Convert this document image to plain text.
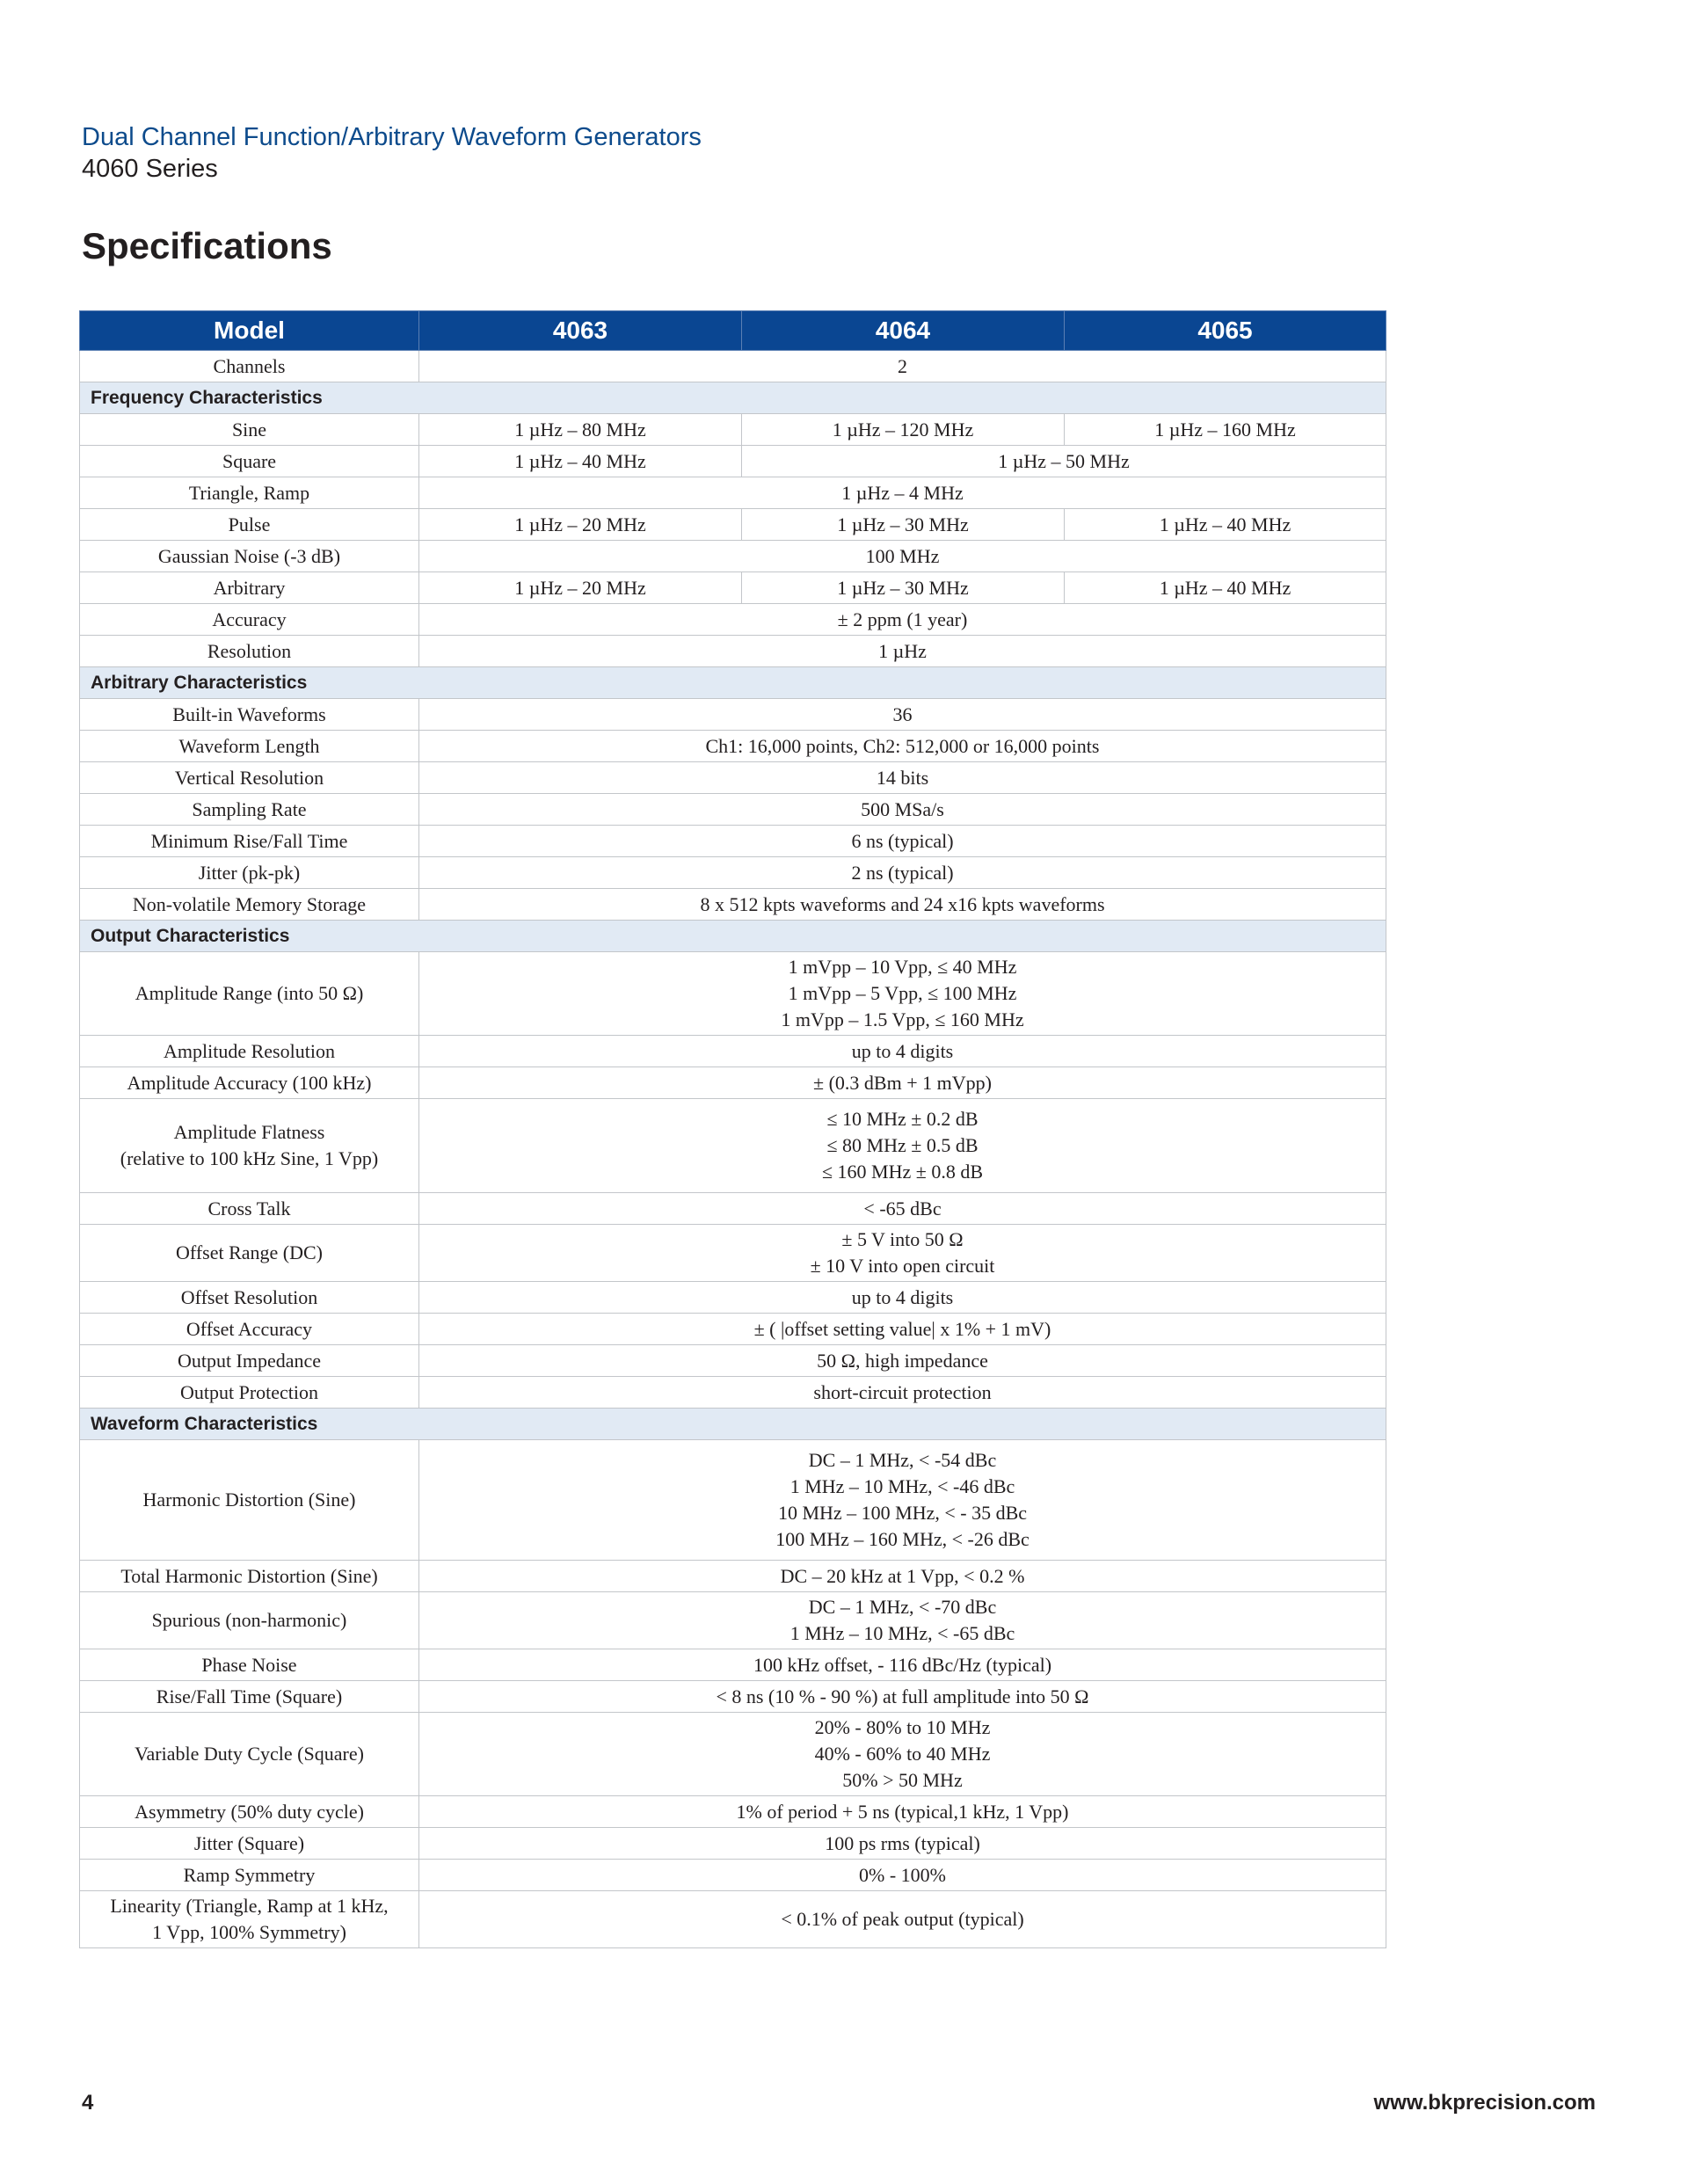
Dual Channel Function/Arbitrary Waveform Generators
4060 Series
Specifications
Model	4063	4064	4065
Channels	2		
Frequency Characteristics			
Sine	1 µHz – 80 MHz	1 µHz – 120 MHz	1 µHz – 160 MHz
Square	1 µHz – 40 MHz	1 µHz – 50 MHz	
Triangle, Ramp	1 µHz – 4 MHz		
Pulse	1 µHz – 20 MHz	1 µHz – 30 MHz	1 µHz – 40 MHz
Gaussian Noise (-3 dB)	100 MHz		
Arbitrary	1 µHz – 20 MHz	1 µHz – 30 MHz	1 µHz – 40 MHz
Accuracy	± 2 ppm (1 year)		
Resolution	1 µHz		
Arbitrary Characteristics			
Built-in Waveforms	36		
Waveform Length	Ch1: 16,000 points, Ch2: 512,000 or 16,000 points		
Vertical Resolution	14 bits		
Sampling Rate	500 MSa/s		
Minimum Rise/Fall Time	6 ns (typical)		
Jitter (pk-pk)	2 ns (typical)		
Non-volatile Memory Storage	8 x 512 kpts waveforms and 24 x16 kpts waveforms		
Output Characteristics			
Amplitude Range (into 50 Ω)	1 mVpp – 10 Vpp, ≤ 40 MHz
1 mVpp – 5 Vpp, ≤ 100 MHz
1 mVpp – 1.5 Vpp, ≤ 160 MHz		

Amplitude Resolution	up to 4 digits		
Amplitude Accuracy (100 kHz)	± (0.3 dBm + 1 mVpp)		

Amplitude Flatness
(relative to 100 kHz Sine, 1 Vpp)	≤ 10 MHz ± 0.2 dB
≤ 80 MHz ± 0.5 dB
≤ 160 MHz ± 0.8 dB		

Cross Talk	< -65 dBc		
Offset Range (DC)	± 5 V into 50 Ω
± 10 V into open circuit		

Offset Resolution	up to 4 digits		
Offset Accuracy	± ( |offset setting value| x 1% + 1 mV)		
Output Impedance	50 Ω, high impedance		
Output Protection	short-circuit protection		
Waveform Characteristics			
Harmonic Distortion (Sine)	DC – 1 MHz, < -54 dBc
1 MHz – 10 MHz, < -46 dBc
10 MHz – 100 MHz, < - 35 dBc
100 MHz – 160 MHz, < -26 dBc		

Total Harmonic Distortion (Sine)	DC – 20 kHz at 1 Vpp, < 0.2 %		
Spurious (non-harmonic)	DC – 1 MHz, < -70 dBc
1 MHz – 10 MHz, < -65 dBc		

Phase Noise	100 kHz offset, - 116 dBc/Hz (typical)		
Rise/Fall Time (Square)	< 8 ns (10 % - 90 %) at full amplitude into 50 Ω		
Variable Duty Cycle (Square)	20% - 80% to 10 MHz
40% - 60% to 40 MHz
50% > 50 MHz		

Asymmetry (50% duty cycle)	1% of period + 5 ns (typical,1 kHz, 1 Vpp)		
Jitter (Square)	100 ps rms (typical)		
Ramp Symmetry	0% - 100%		

Linearity (Triangle, Ramp at 1 kHz,
1 Vpp, 100% Symmetry)	< 0.1% of peak output (typical)		
4	www.bkprecision.com
